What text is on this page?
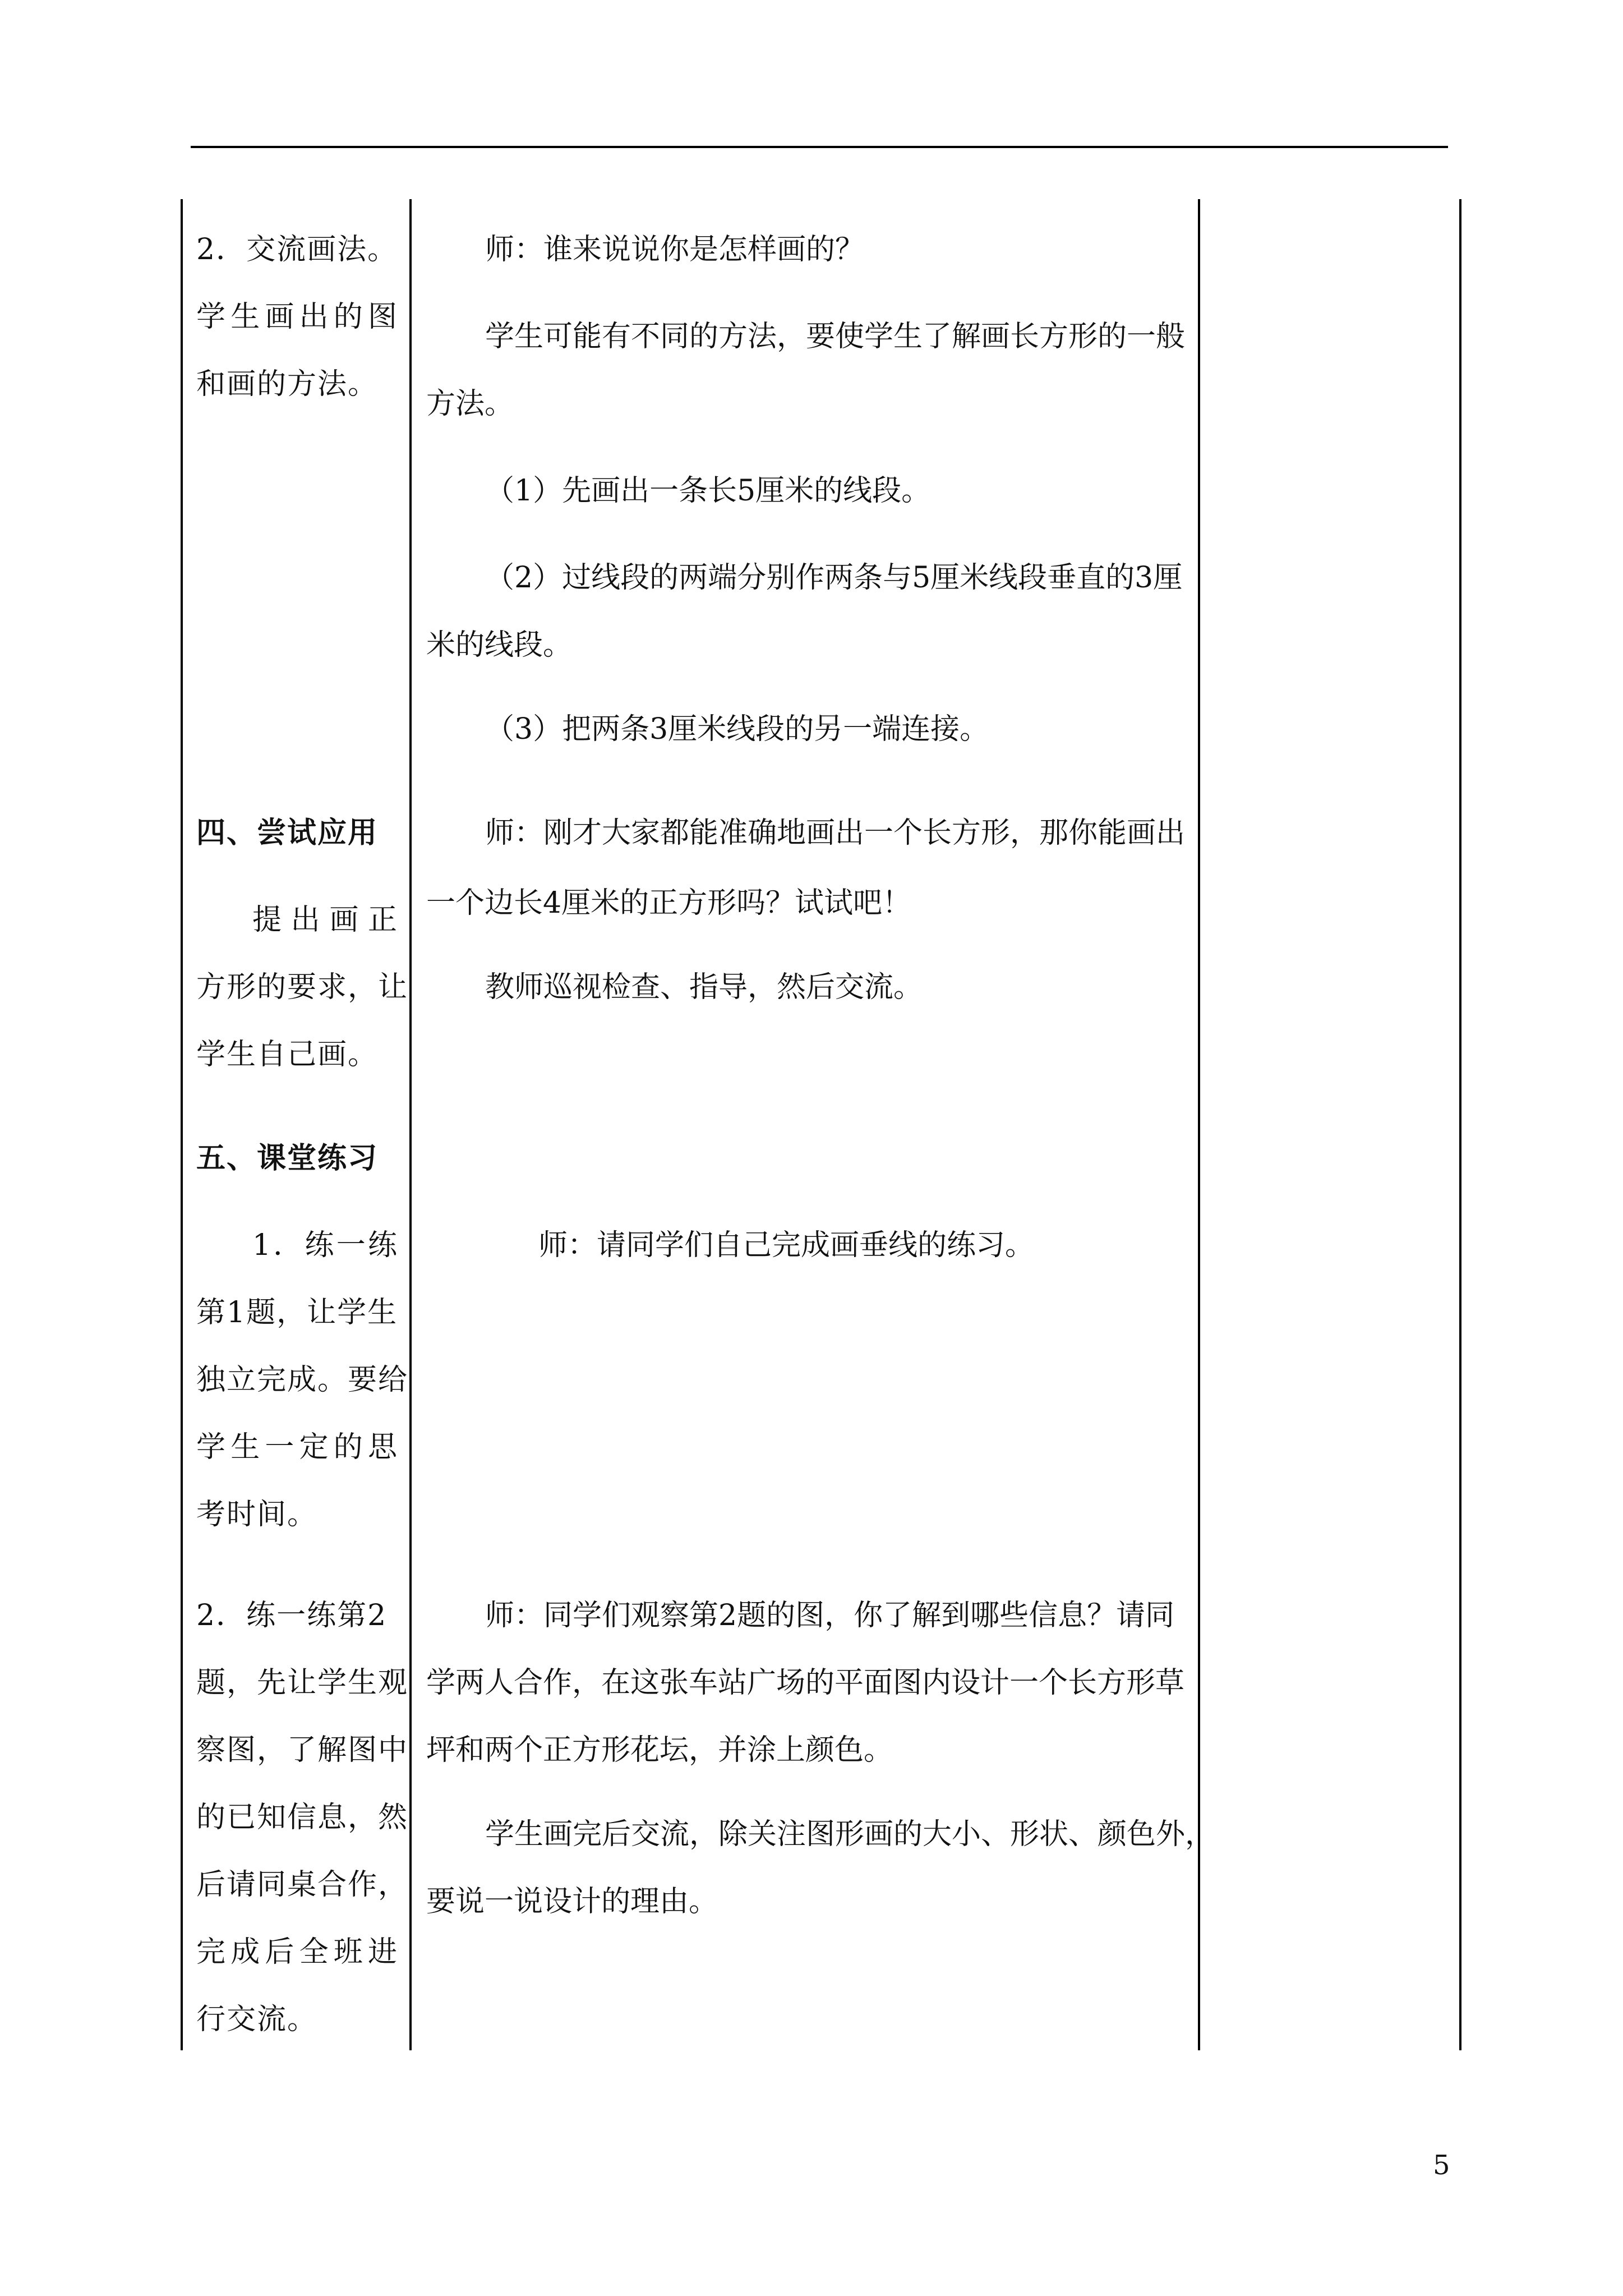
2．交流画法。
学生画出的图
和画的方法。
四、尝试应用
提出画正
方形的要求，让
学生自己画。
五、课堂练习
1．练一练
第1题，让学生
独立完成。要给
学生一定的思
考时间。
2．练一练第2
题，先让学生观
察图，了解图中
的已知信息，然
后请同桌合作，
完成后全班进
行交流。
师：谁来说说你是怎样画的？
学生可能有不同的方法，要使学生了解画长方形的一般
方法。
（1）先画出一条长5厘米的线段。
（2）过线段的两端分别作两条与5厘米线段垂直的3厘
米的线段。
（3）把两条3厘米线段的另一端连接。
师：刚才大家都能准确地画出一个长方形，那你能画出
一个边长4厘米的正方形吗？试试吧！
教师巡视检查、指导，然后交流。
师：请同学们自己完成画垂线的练习。
师：同学们观察第2题的图，你了解到哪些信息？请同
学两人合作，在这张车站广场的平面图内设计一个长方形草
坪和两个正方形花坛，并涂上颜色。
学生画完后交流，除关注图形画的大小、形状、颜色外，
要说一说设计的理由。
5
